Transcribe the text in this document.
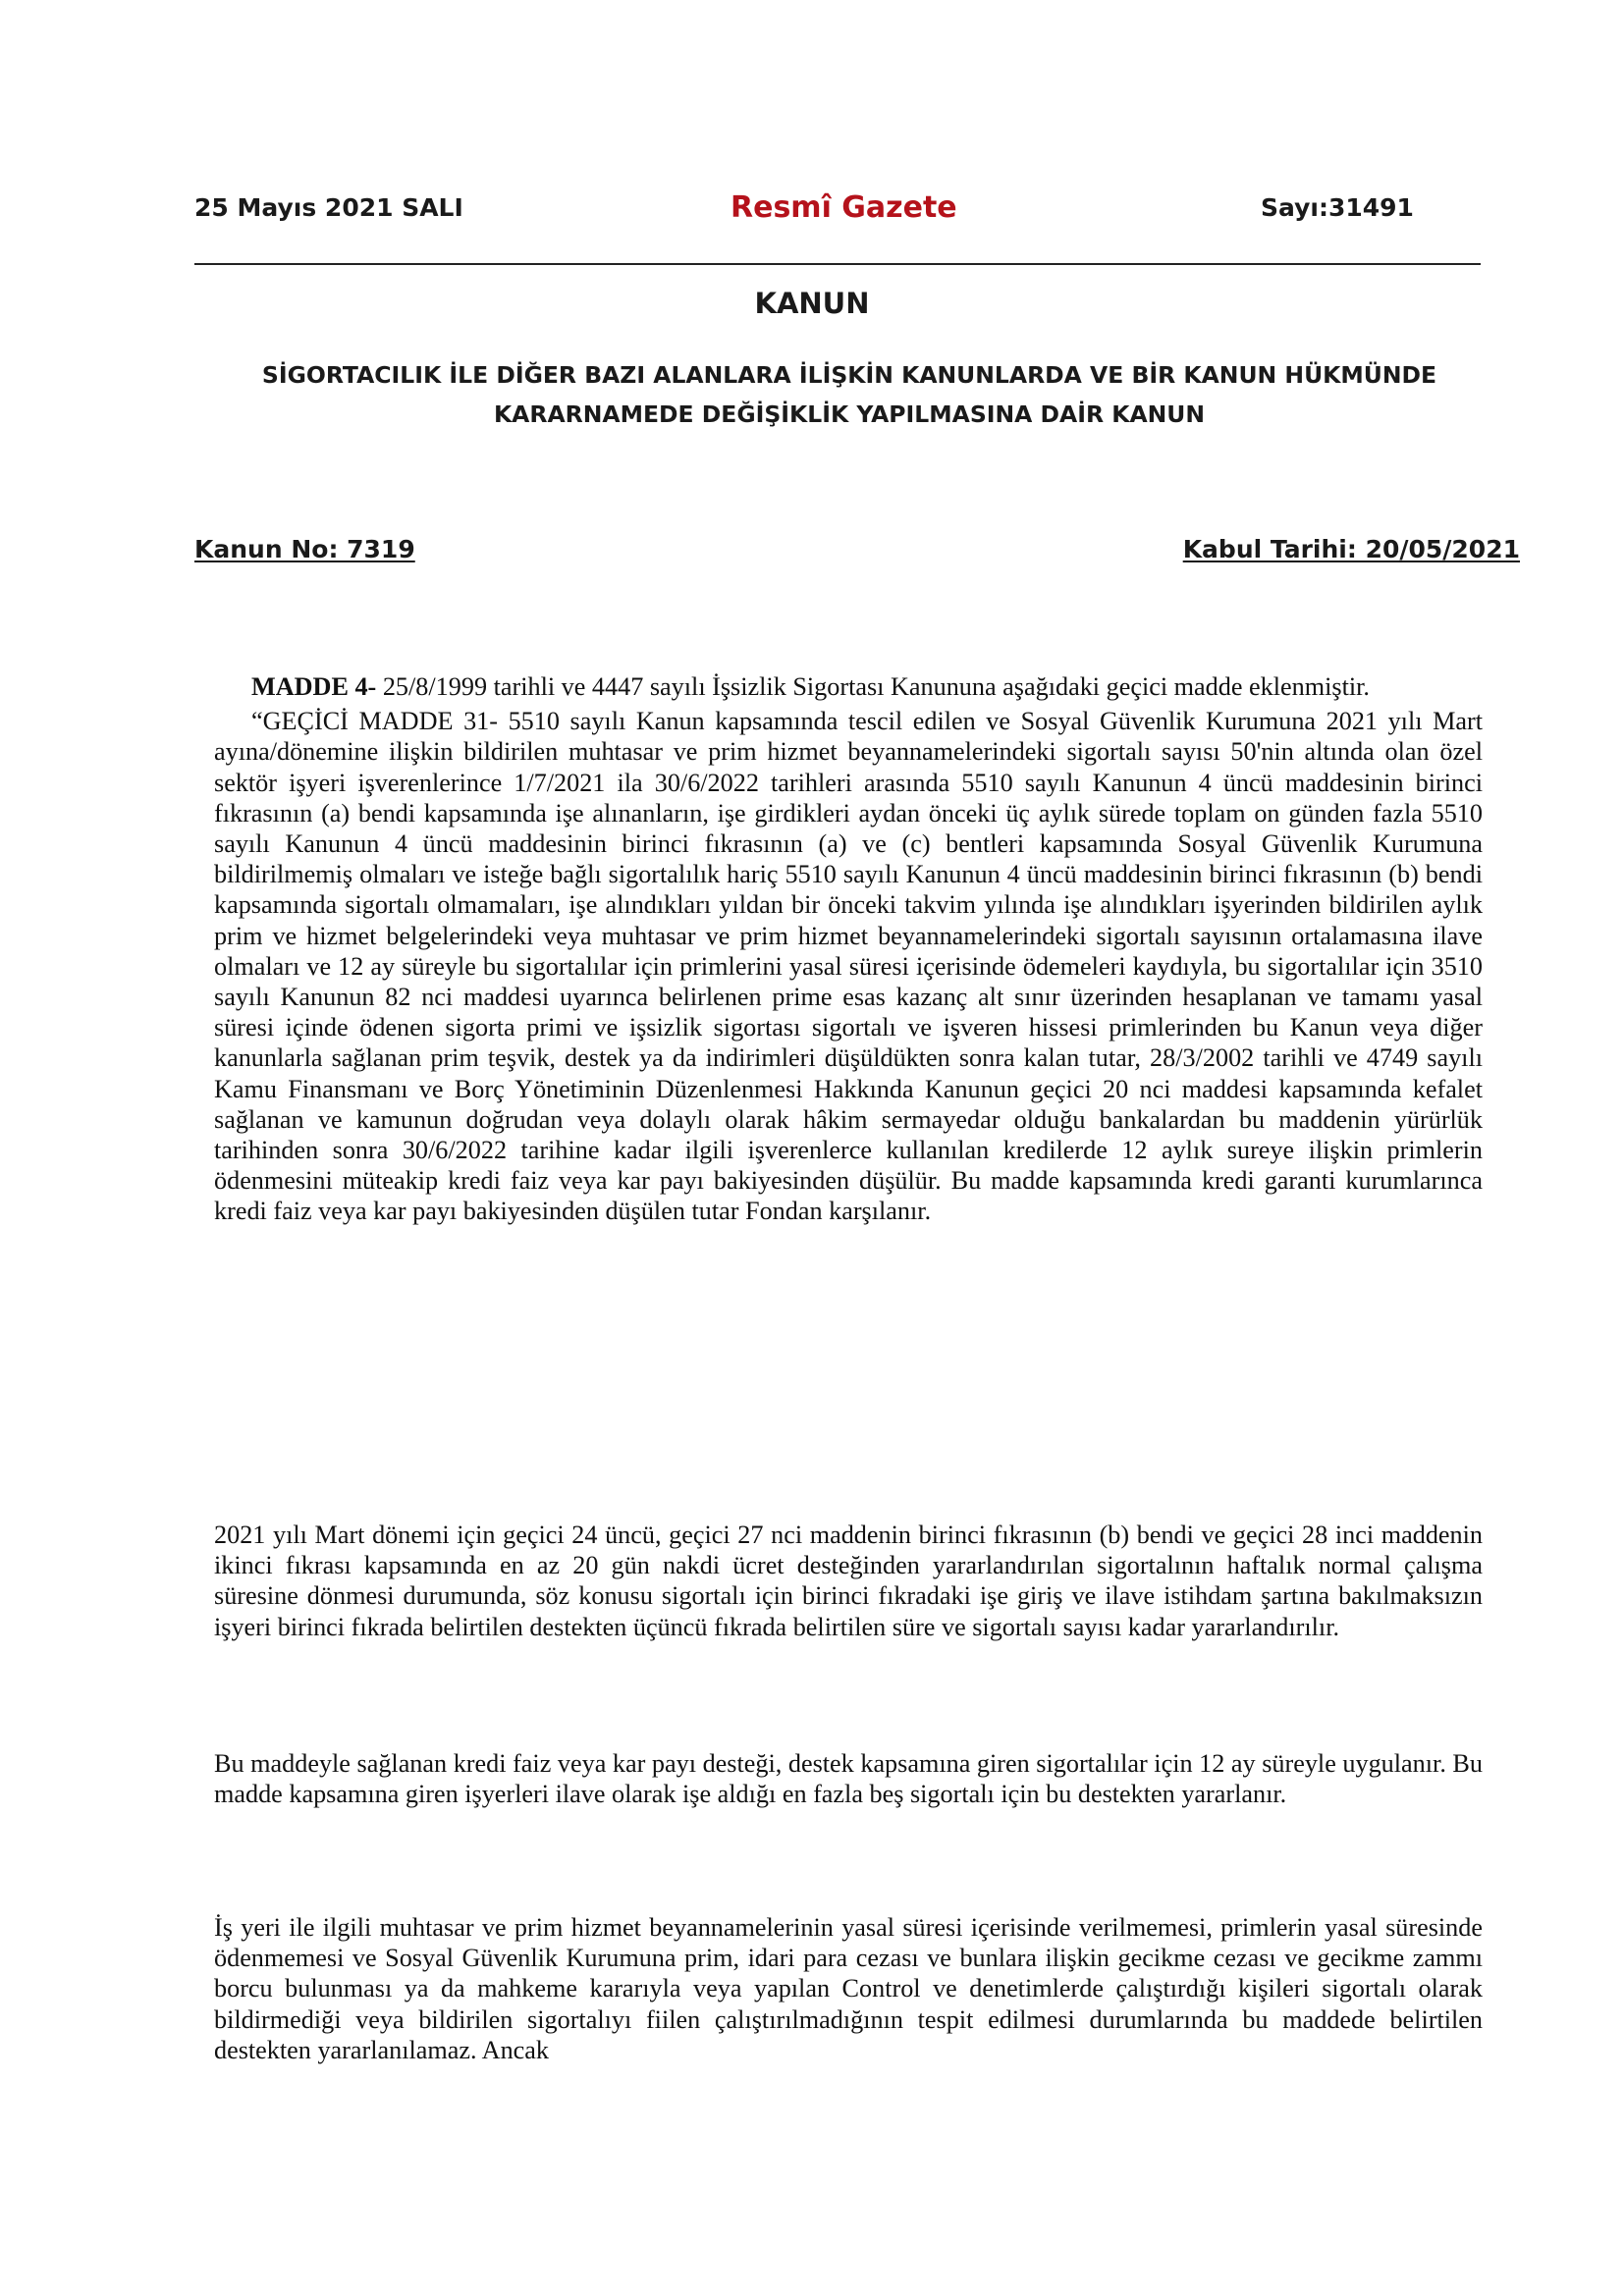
25 Mayıs 2021 SALI	Resmî Gazete	Sayı:31491
KANUN
SİGORTACILIK İLE DİĞER BAZI ALANLARA İLİŞKİN KANUNLARDA VE BİR KANUN HÜKMÜNDE
KARARNAMEDE DEĞİŞİKLİK YAPILMASINA DAİR KANUN
Kanun No: 7319	Kabul Tarihi: 20/05/2021

MADDE 4- 25/8/1999 tarihli ve 4447 sayılı İşsizlik Sigortası Kanununa aşağıdaki geçici madde eklenmiştir.

“GEÇİCİ MADDE 31- 5510 sayılı Kanun kapsamında tescil edilen ve Sosyal Güvenlik Kurumuna 2021 yılı Mart ayına/dönemine ilişkin bildirilen muhtasar ve prim hizmet beyannamelerindeki sigortalı sayısı 50'nin altında olan özel sektör işyeri işverenlerince 1/7/2021 ila 30/6/2022 tarihleri arasında 5510 sayılı Kanunun 4 üncü maddesinin birinci fıkrasının (a) bendi kapsamında işe alınanların, işe girdikleri aydan önceki üç aylık sürede toplam on günden fazla 5510 sayılı Kanunun 4 üncü maddesinin birinci fıkrasının (a) ve (c) bentleri kapsamında Sosyal Güvenlik Kurumuna bildirilmemiş olmaları ve isteğe bağlı sigortalılık hariç 5510 sayılı Kanunun 4 üncü maddesinin birinci fıkrasının (b) bendi kapsamında sigortalı olmamaları, işe alındıkları yıldan bir önceki takvim yılında işe alındıkları işyerinden bildirilen aylık prim ve hizmet belgelerindeki veya muhtasar ve prim hizmet beyannamelerindeki sigortalı sayısının ortalamasına ilave olmaları ve 12 ay süreyle bu sigortalılar için primlerini yasal süresi içerisinde ödemeleri kaydıyla, bu sigortalılar için 3510 sayılı Kanunun 82 nci maddesi uyarınca belirlenen prime esas kazanç alt sınır üzerinden hesaplanan ve tamamı yasal süresi içinde ödenen sigorta primi ve işsizlik sigortası sigortalı ve işveren hissesi primlerinden bu Kanun veya diğer kanunlarla sağlanan prim teşvik, destek ya da indirimleri düşüldükten sonra kalan tutar, 28/3/2002 tarihli ve 4749 sayılı Kamu Finansmanı ve Borç Yönetiminin Düzenlenmesi Hakkında Kanunun geçici 20 nci maddesi kapsamında kefalet sağlanan ve kamunun doğrudan veya dolaylı olarak hâkim sermayedar olduğu bankalardan bu maddenin yürürlük tarihinden sonra 30/6/2022 tarihine kadar ilgili işverenlerce kullanılan kredilerde 12 aylık sureye ilişkin primlerin ödenmesini müteakip kredi faiz veya kar payı bakiyesinden düşülür. Bu madde kapsamında kredi garanti kurumlarınca kredi faiz veya kar payı bakiyesinden düşülen tutar Fondan karşılanır.

2021 yılı Mart dönemi için geçici 24 üncü, geçici 27 nci maddenin birinci fıkrasının (b) bendi ve geçici 28 inci maddenin ikinci fıkrası kapsamında en az 20 gün nakdi ücret desteğinden yararlandırılan sigortalının haftalık normal çalışma süresine dönmesi durumunda, söz konusu sigortalı için birinci fıkradaki işe giriş ve ilave istihdam şartına bakılmaksızın işyeri birinci fıkrada belirtilen destekten üçüncü fıkrada belirtilen süre ve sigortalı sayısı kadar yararlandırılır.

Bu maddeyle sağlanan kredi faiz veya kar payı desteği, destek kapsamına giren sigortalılar için 12 ay süreyle uygulanır. Bu madde kapsamına giren işyerleri ilave olarak işe aldığı en fazla beş sigortalı için bu destekten yararlanır.

İş yeri ile ilgili muhtasar ve prim hizmet beyannamelerinin yasal süresi içerisinde verilmemesi, primlerin yasal süresinde ödenmemesi ve Sosyal Güvenlik Kurumuna prim, idari para cezası ve bunlara ilişkin gecikme cezası ve gecikme zammı borcu bulunması ya da mahkeme kararıyla veya yapılan Control ve denetimlerde çalıştırdığı kişileri sigortalı olarak bildirmediği veya bildirilen sigortalıyı fiilen çalıştırılmadığının tespit edilmesi durumlarında bu maddede belirtilen destekten yararlanılamaz. Ancak
